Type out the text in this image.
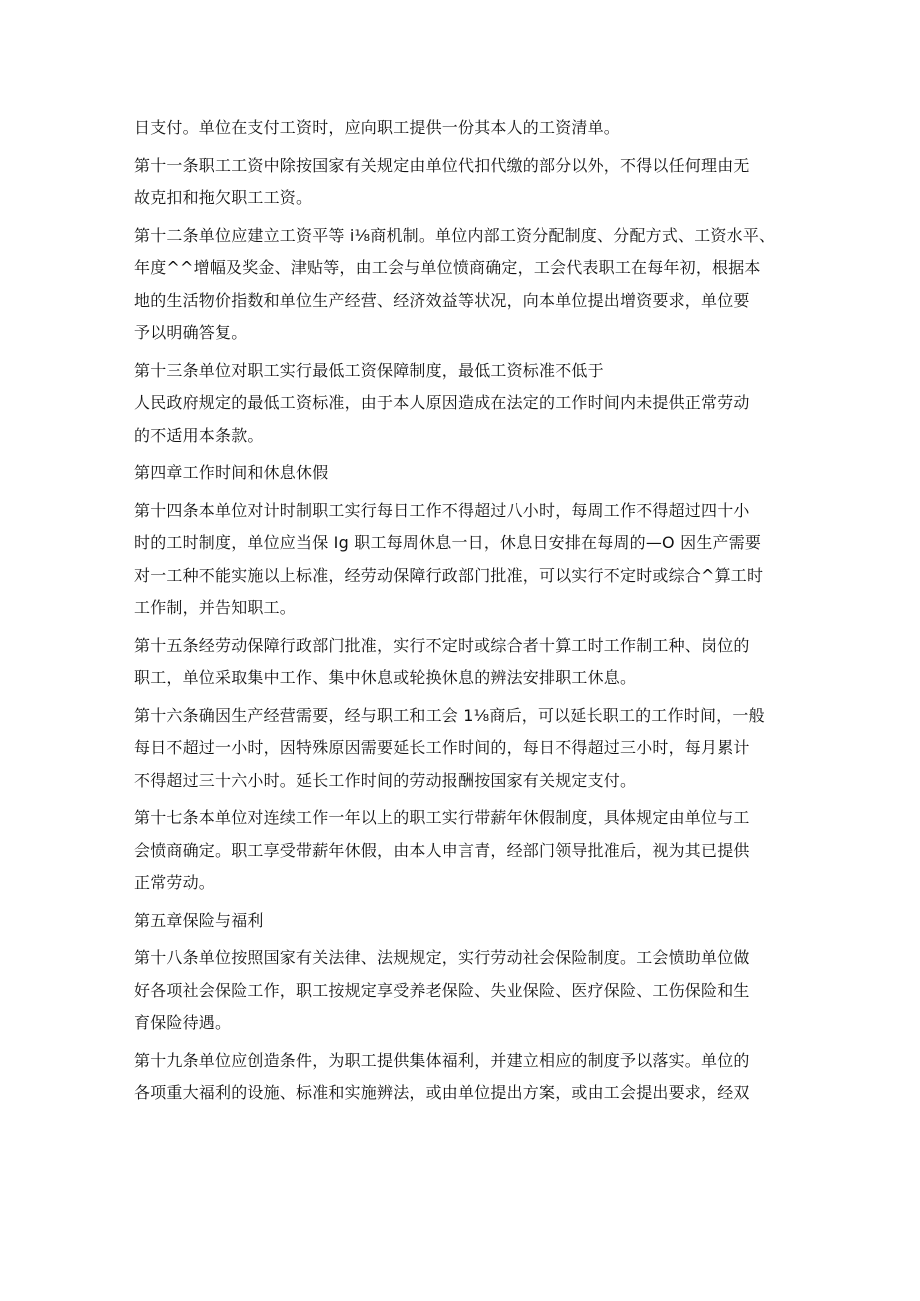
日支付。单位在支付工资时，应向职工提供一份其本人的工资清单。
第十一条职工工资中除按国家有关规定由单位代扣代缴的部分以外，不得以任何理由无
故克扣和拖欠职工工资。
第十二条单位应建立工资平等 i⅛商机制。单位内部工资分配制度、分配方式、工资水平、
年度^^增幅及奖金、津贴等，由工会与单位愤商确定，工会代表职工在每年初，根据本
地的生活物价指数和单位生产经营、经济效益等状况，向本单位提出增资要求，单位要
予以明确答复。
第十三条单位对职工实行最低工资保障制度，最低工资标准不低于
人民政府规定的最低工资标准，由于本人原因造成在法定的工作时间内未提供正常劳动
的不适用本条款。
第四章工作时间和休息休假
第十四条本单位对计时制职工实行每日工作不得超过八小时，每周工作不得超过四十小
时的工时制度，单位应当保 Ig 职工每周休息一日，休息日安排在每周的—O 因生产需要
对一工种不能实施以上标准，经劳动保障行政部门批准，可以实行不定时或综合^算工时
工作制，并告知职工。
第十五条经劳动保障行政部门批准，实行不定时或综合者十算工时工作制工种、岗位的
职工，单位采取集中工作、集中休息或轮换休息的辨法安排职工休息。
第十六条确因生产经营需要，经与职工和工会 1⅛商后，可以延长职工的工作时间，一般
每日不超过一小时，因特殊原因需要延长工作时间的，每日不得超过三小时，每月累计
不得超过三十六小时。延长工作时间的劳动报酬按国家有关规定支付。
第十七条本单位对连续工作一年以上的职工实行带薪年休假制度，具体规定由单位与工
会愤商确定。职工享受带薪年休假，由本人申言青，经部门领导批准后，视为其已提供
正常劳动。
第五章保险与福利
第十八条单位按照国家有关法律、法规规定，实行劳动社会保险制度。工会愤助单位做
好各项社会保险工作，职工按规定享受养老保险、失业保险、医疗保险、工伤保险和生
育保险待遇。
第十九条单位应创造条件，为职工提供集体福利，并建立相应的制度予以落实。单位的
各项重大福利的设施、标准和实施辨法，或由单位提出方案，或由工会提出要求，经双
